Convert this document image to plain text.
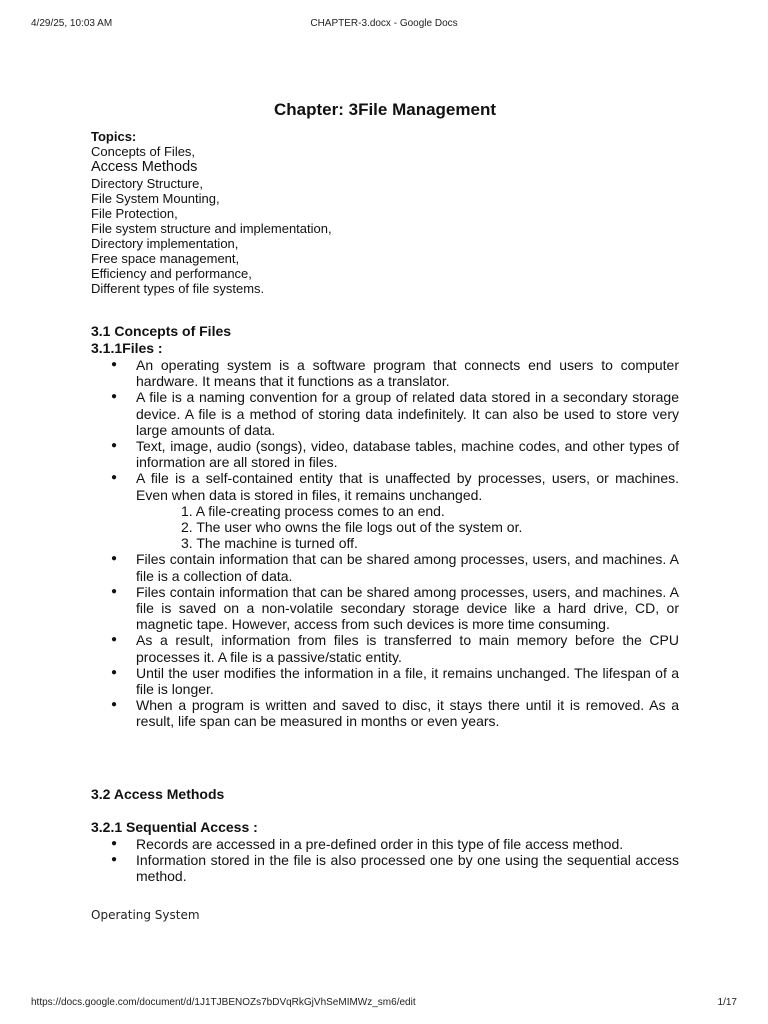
4/29/25, 10:03 AM	CHAPTER-3.docx - Google Docs
Chapter: 3File Management
Topics:
Concepts of Files,
Access Methods
Directory Structure,
File System Mounting,
File Protection,
File system structure and implementation,
Directory implementation,
Free space management,
Efficiency and performance,
Different types of file systems.
3.1 Concepts of Files
3.1.1Files :
● An operating system is a software program that connects end users to computer hardware. It means that it functions as a translator.
● A file is a naming convention for a group of related data stored in a secondary storage device. A file is a method of storing data indefinitely. It can also be used to store very large amounts of data.
● Text, image, audio (songs), video, database tables, machine codes, and other types of information are all stored in files.
● A file is a self-contained entity that is unaffected by processes, users, or machines. Even when data is stored in files, it remains unchanged.
1. A file-creating process comes to an end.
2. The user who owns the file logs out of the system or.
3. The machine is turned off.
● Files contain information that can be shared among processes, users, and machines. A file is a collection of data.
● Files contain information that can be shared among processes, users, and machines. A file is saved on a non-volatile secondary storage device like a hard drive, CD, or magnetic tape. However, access from such devices is more time consuming.
● As a result, information from files is transferred to main memory before the CPU processes it. A file is a passive/static entity.
● Until the user modifies the information in a file, it remains unchanged. The lifespan of a file is longer.
● When a program is written and saved to disc, it stays there until it is removed. As a result, life span can be measured in months or even years.
3.2 Access Methods
3.2.1 Sequential Access :
● Records are accessed in a pre-defined order in this type of file access method.
● Information stored in the file is also processed one by one using the sequential access method.
Operating System
https://docs.google.com/document/d/1J1TJBENOZs7bDVqRkGjVhSeMIMWz_sm6/edit	1/17
